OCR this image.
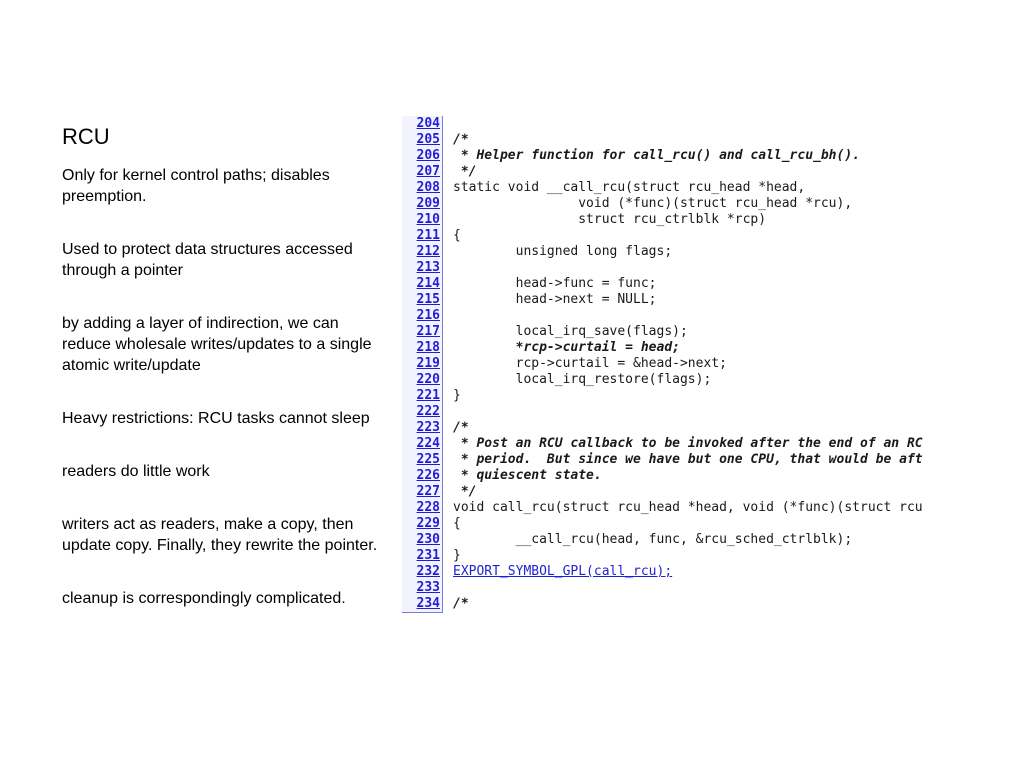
RCU

Only for kernel control paths; disables preemption.

Used to protect data structures accessed through a pointer

by adding a layer of indirection, we can reduce wholesale writes/updates to a single atomic write/update

Heavy restrictions: RCU tasks cannot sleep

readers do little work

writers act as readers, make a copy, then update copy. Finally, they rewrite the pointer.

cleanup is correspondingly complicated.

204
205 /*
206 * Helper function for call_rcu() and call_rcu_bh().
207 */
208 static void __call_rcu(struct rcu_head *head,
209                void (*func)(struct rcu_head *rcu),
210                struct rcu_ctrlblk *rcp)
211 {
212        unsigned long flags;
213
214        head->func = func;
215        head->next = NULL;
216
217        local_irq_save(flags);
218        *rcp->curtail = head;
219        rcp->curtail = &head->next;
220        local_irq_restore(flags);
221 }
222
223 /*
224 * Post an RCU callback to be invoked after the end of an RC
225 * period.  But since we have but one CPU, that would be aft
226 * quiescent state.
227 */
228 void call_rcu(struct rcu_head *head, void (*func)(struct rcu
229 {
230        __call_rcu(head, func, &rcu_sched_ctrlblk);
231 }
232 EXPORT_SYMBOL_GPL(call_rcu);
233
234 /*
